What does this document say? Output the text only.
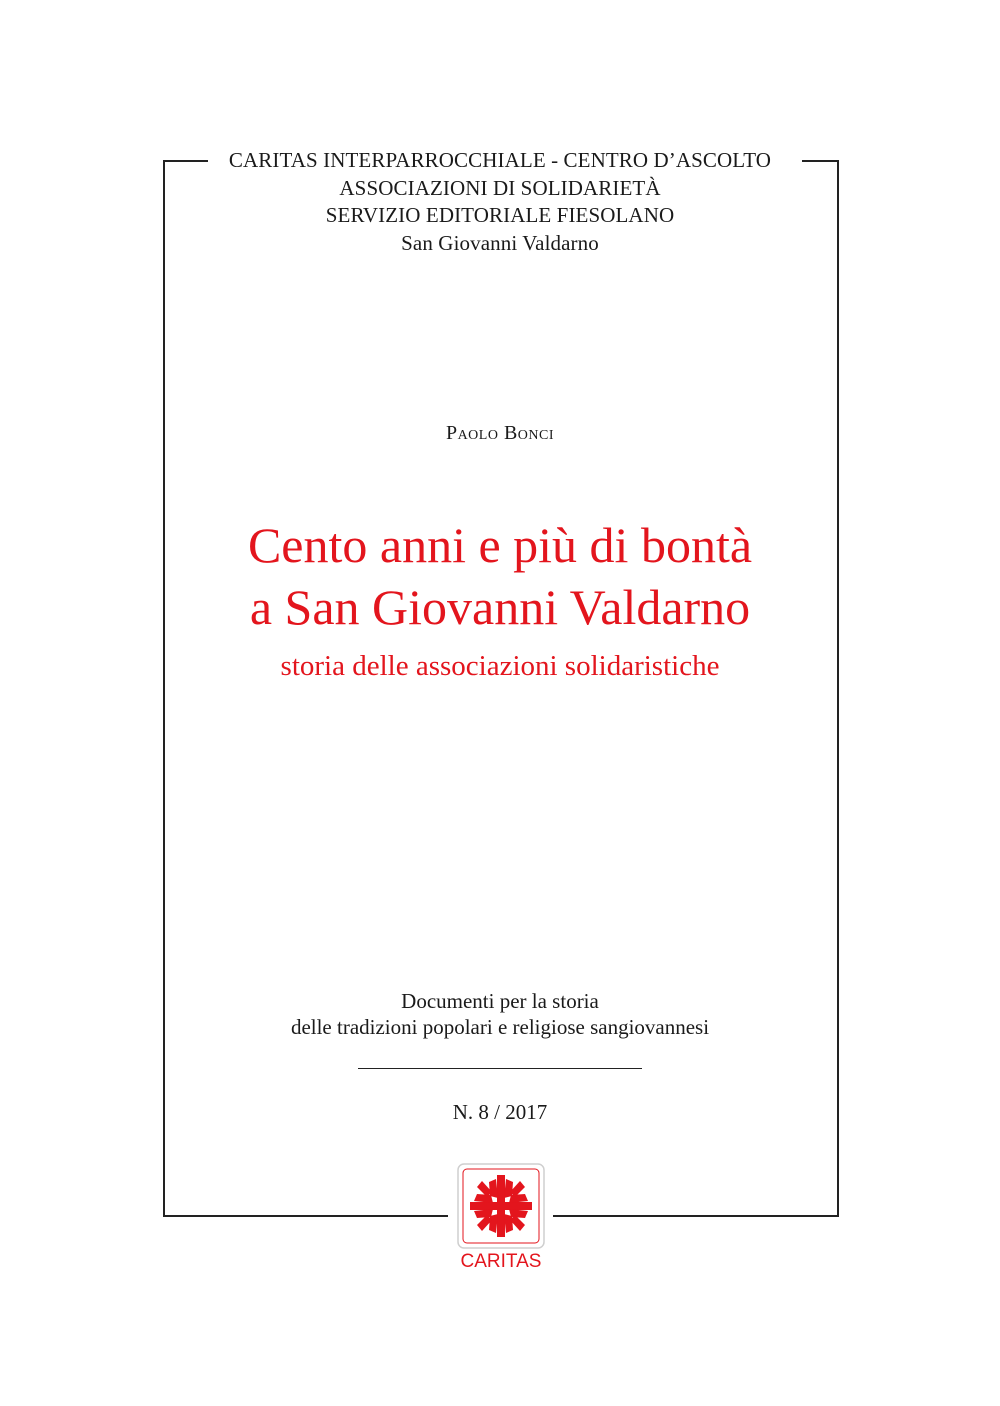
CARITAS INTERPARROCCHIALE - CENTRO D’ASCOLTO
ASSOCIAZIONI DI SOLIDARIETÀ
SERVIZIO EDITORIALE FIESOLANO
San Giovanni Valdarno
Paolo Bonci
Cento anni e più di bontà
a San Giovanni Valdarno
storia delle associazioni solidaristiche
Documenti per la storia
delle tradizioni popolari e religiose sangiovannesi
N. 8 / 2017
CARITAS
